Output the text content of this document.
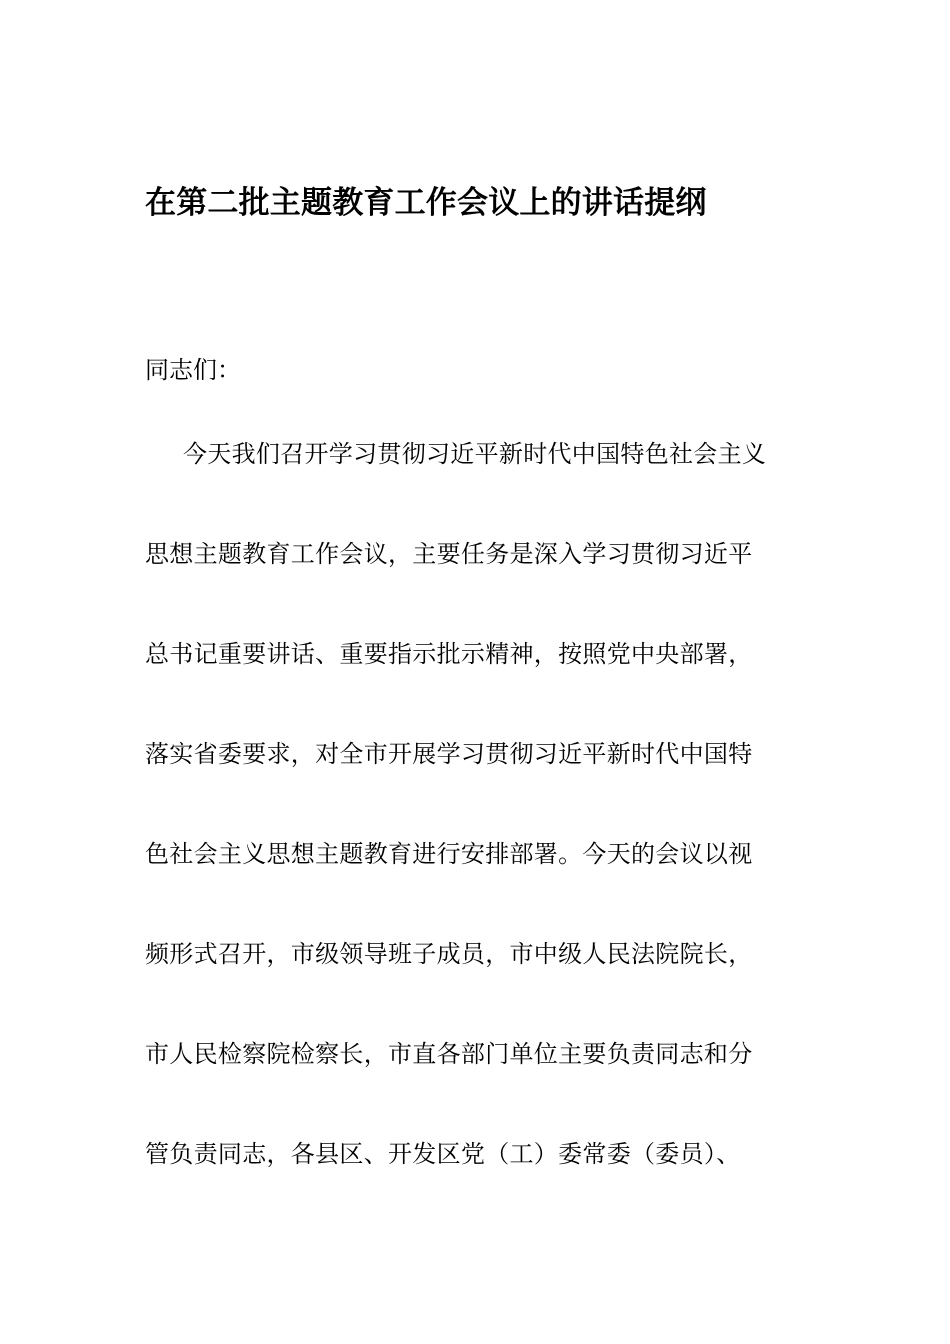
在第二批主题教育工作会议上的讲话提纲
同志们：
今天我们召开学习贯彻习近平新时代中国特色社会主义
思想主题教育工作会议，主要任务是深入学习贯彻习近平
总书记重要讲话、重要指示批示精神，按照党中央部署，
落实省委要求，对全市开展学习贯彻习近平新时代中国特
色社会主义思想主题教育进行安排部署。今天的会议以视
频形式召开，市级领导班子成员，市中级人民法院院长，
市人民检察院检察长，市直各部门单位主要负责同志和分
管负责同志，各县区、开发区党（工）委常委（委员）、
